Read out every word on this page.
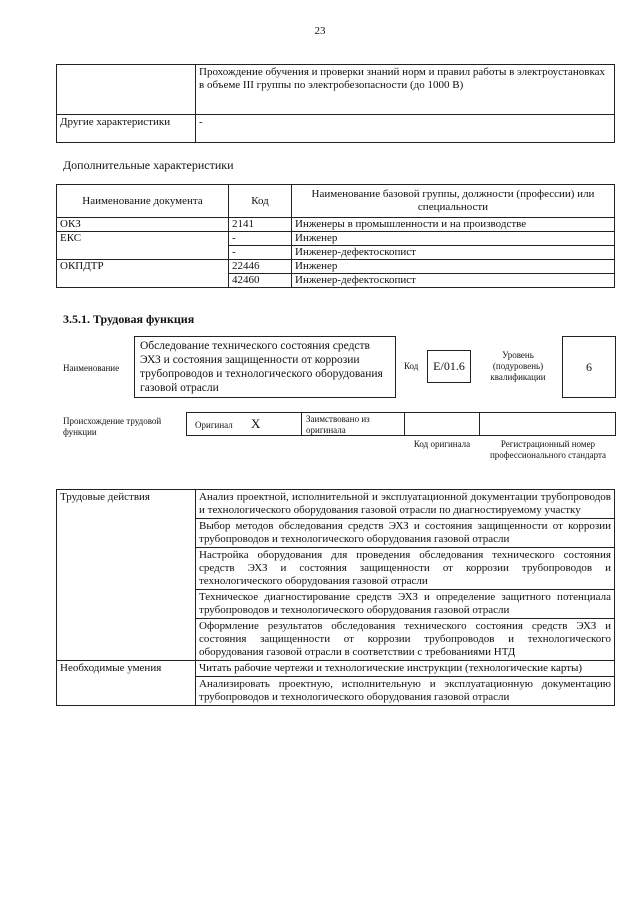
23
	Прохождение обучения и проверки знаний норм и правил работы в электроустановках в объеме III группы по электробезопасности (до 1000 В)
Другие характеристики	-
Дополнительные характеристики
Наименование документа	Код	Наименование базовой группы, должности (профессии) или специальности
ОКЗ	2141	Инженеры в промышленности и на производстве
ЕКС	-	Инженер
	-	Инженер-дефектоскопист
ОКПДТР	22446	Инженер
	42460	Инженер-дефектоскопист
3.5.1. Трудовая функция
Наименование
Обследование технического состояния средств ЭХЗ и состояния защищенности от коррозии трубопроводов и технологического оборудования газовой отрасли
Код	E/01.6
Уровень (подуровень) квалификации
6
Происхождение трудовой функции
Оригинал X	Заимствовано из оригинала
Код оригинала	Регистрационный номер профессионального стандарта
Трудовые действия	Анализ проектной, исполнительной и эксплуатационной документации трубопроводов и технологического оборудования газовой отрасли по диагностируемому участку
	Выбор методов обследования средств ЭХЗ и состояния защищенности от коррозии трубопроводов и технологического оборудования газовой отрасли
	Настройка оборудования для проведения обследования технического состояния средств ЭХЗ и состояния защищенности от коррозии трубопроводов и технологического оборудования газовой отрасли
	Техническое диагностирование средств ЭХЗ и определение защитного потенциала трубопроводов и технологического оборудования газовой отрасли
	Оформление результатов обследования технического состояния средств ЭХЗ и состояния защищенности от коррозии трубопроводов и технологического оборудования газовой отрасли в соответствии с требованиями НТД
Необходимые умения	Читать рабочие чертежи и технологические инструкции (технологические карты)
	Анализировать проектную, исполнительную и эксплуатационную документацию трубопроводов и технологического оборудования газовой отрасли
